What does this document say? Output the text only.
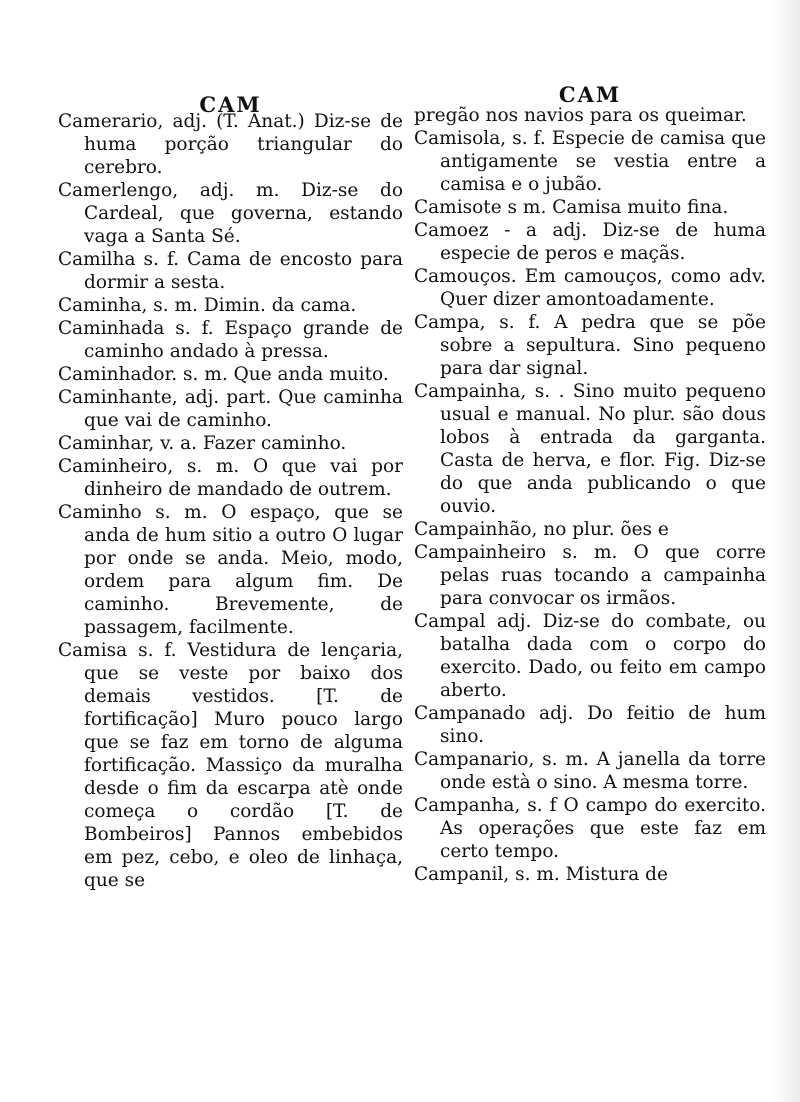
CAM

Camerario, adj. (T. Anat.) Diz-se de huma porção triangular do cerebro.

Camerlengo, adj. m. Diz-se do Cardeal, que governa, estando vaga a Santa Sé.

Camilha s. f. Cama de encosto para dormir a sesta.

Caminha, s. m. Dimin. da cama.

Caminhada s. f. Espaço grande de caminho andado à pressa.

Caminhador. s. m. Que anda muito.

Caminhante, adj. part. Que caminha que vai de caminho.

Caminhar, v. a. Fazer caminho.

Caminheiro, s. m. O que vai por dinheiro de mandado de outrem.

Caminho s. m. O espaço, que se anda de hum sitio a outro O lugar por onde se anda. Meio, modo, ordem para algum fim. De caminho. Brevemente, de passagem, facilmente.

Camisa s. f. Vestidura de lençaria, que se veste por baixo dos demais vestidos. [T. de fortificação] Muro pouco largo que se faz em torno de alguma fortificação. Massiço da muralha desde o fim da escarpa atè onde começa o cordão [T. de Bombeiros] Pannos embebidos em pez, cebo, e oleo de linhaça, que se

CAM

pregão nos navios para os queimar.

Camisola, s. f. Especie de camisa que antigamente se vestia entre a camisa e o jubão.

Camisote s m. Camisa muito fina.

Camoez - a adj. Diz-se de huma especie de peros e maçãs.

Camouços. Em camouços, como adv. Quer dizer amontoadamente.

Campa, s. f. A pedra que se põe sobre a sepultura. Sino pequeno para dar signal.

Campainha, s. . Sino muito pequeno usual e manual. No plur. são dous lobos à entrada da garganta. Casta de herva, e flor. Fig. Diz-se do que anda publicando o que ouvio.

Campainhão, no plur. ões e

Campainheiro s. m. O que corre pelas ruas tocando a campainha para convocar os irmãos.

Campal adj. Diz-se do combate, ou batalha dada com o corpo do exercito. Dado, ou feito em campo aberto.

Campanado adj. Do feitio de hum sino.

Campanario, s. m. A janella da torre onde està o sino. A mesma torre.

Campanha, s. f O campo do exercito. As operações que este faz em certo tempo.

Campanil, s. m. Mistura de
